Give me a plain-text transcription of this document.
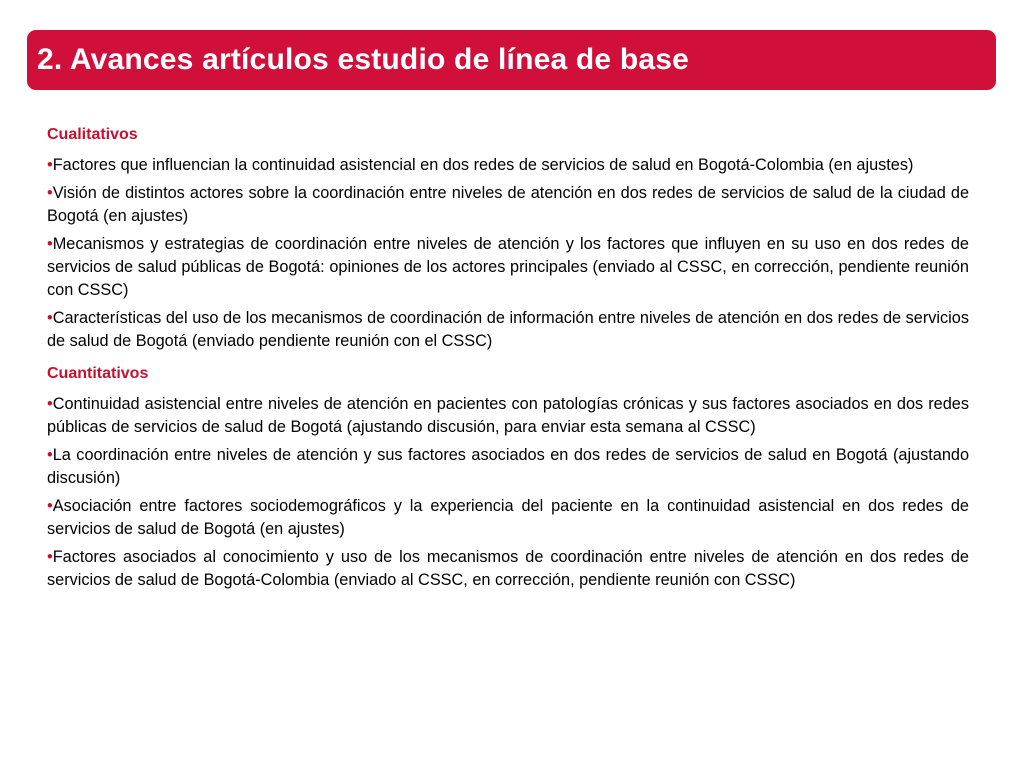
2. Avances artículos estudio de línea de base
Cualitativos

•Factores que influencian la continuidad asistencial en dos redes de servicios de salud en Bogotá-Colombia (en ajustes)

•Visión de distintos actores sobre la coordinación entre niveles de atención en dos redes de servicios de salud de la ciudad de Bogotá (en ajustes)

•Mecanismos y estrategias de coordinación entre niveles de atención y los factores que influyen en su uso en dos redes de servicios de salud públicas de Bogotá: opiniones de los actores principales (enviado al CSSC, en corrección, pendiente reunión con CSSC)

•Características del uso de los mecanismos de coordinación de información entre niveles de atención en dos redes de servicios de salud de Bogotá (enviado pendiente reunión con el CSSC)

Cuantitativos

•Continuidad asistencial entre niveles de atención en pacientes con patologías crónicas y sus factores asociados en dos redes públicas de servicios de salud de Bogotá (ajustando discusión, para enviar esta semana al CSSC)

•La coordinación entre niveles de atención y sus factores asociados en dos redes de servicios de salud en Bogotá (ajustando discusión)

•Asociación entre factores sociodemográficos y la experiencia del paciente en la continuidad asistencial en dos redes de servicios de salud de Bogotá (en ajustes)

•Factores asociados al conocimiento y uso de los mecanismos de coordinación entre niveles de atención en dos redes de servicios de salud de Bogotá-Colombia (enviado al CSSC, en corrección, pendiente reunión con CSSC)
